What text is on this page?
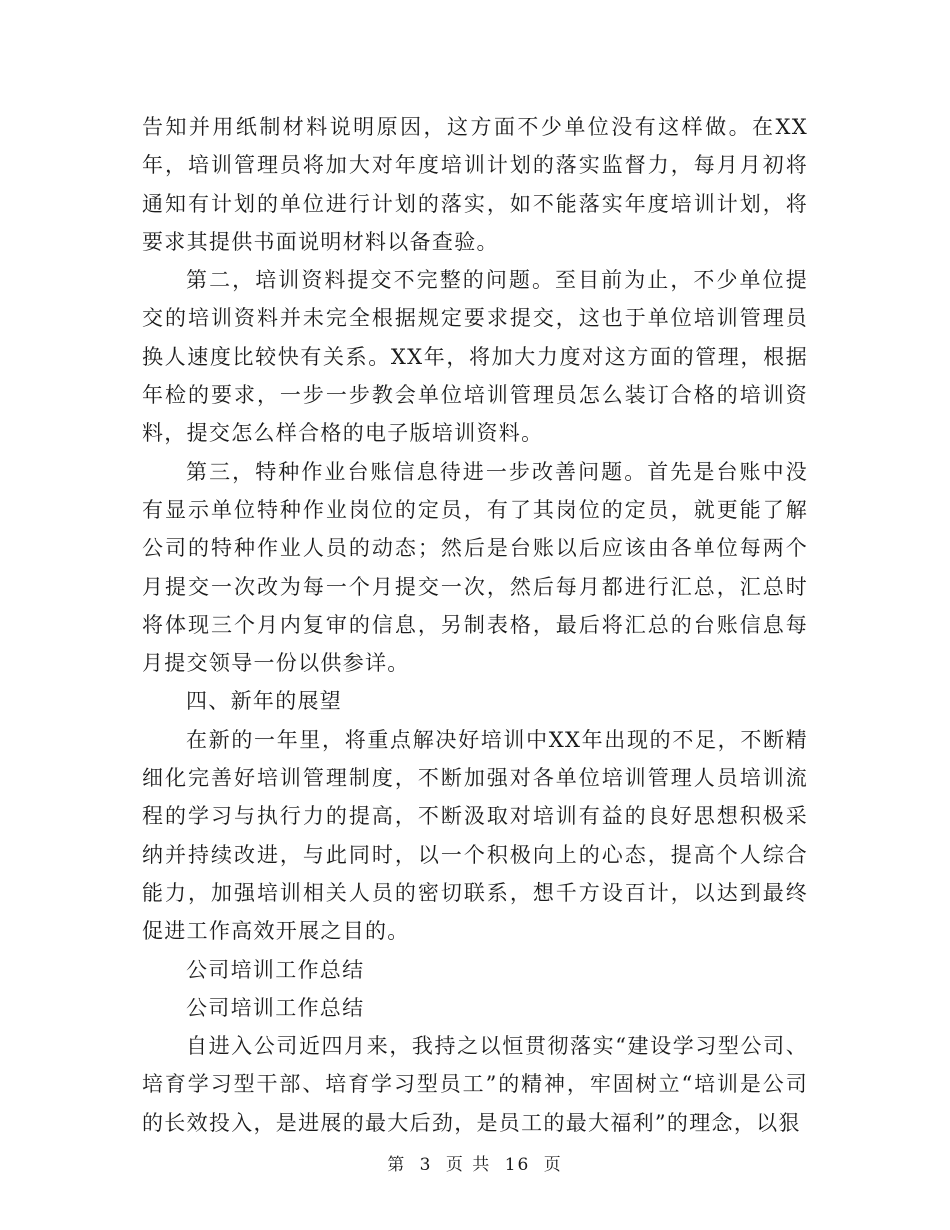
告知并用纸制材料说明原因，这方面不少单位没有这样做。在XX年，培训管理员将加大对年度培训计划的落实监督力，每月月初将通知有计划的单位进行计划的落实，如不能落实年度培训计划，将要求其提供书面说明材料以备查验。

第二，培训资料提交不完整的问题。至目前为止，不少单位提交的培训资料并未完全根据规定要求提交，这也于单位培训管理员换人速度比较快有关系。XX年，将加大力度对这方面的管理，根据年检的要求，一步一步教会单位培训管理员怎么装订合格的培训资料，提交怎么样合格的电子版培训资料。

第三，特种作业台账信息待进一步改善问题。首先是台账中没有显示单位特种作业岗位的定员，有了其岗位的定员，就更能了解公司的特种作业人员的动态；然后是台账以后应该由各单位每两个月提交一次改为每一个月提交一次，然后每月都进行汇总，汇总时将体现三个月内复审的信息，另制表格，最后将汇总的台账信息每月提交领导一份以供参详。

四、新年的展望

在新的一年里，将重点解决好培训中XX年出现的不足，不断精细化完善好培训管理制度，不断加强对各单位培训管理人员培训流程的学习与执行力的提高，不断汲取对培训有益的良好思想积极采纳并持续改进，与此同时，以一个积极向上的心态，提高个人综合能力，加强培训相关人员的密切联系，想千方设百计，以达到最终促进工作高效开展之目的。

公司培训工作总结

公司培训工作总结

自进入公司近四月来，我持之以恒贯彻落实“建设学习型公司、培育学习型干部、培育学习型员工”的精神，牢固树立“培训是公司的长效投入，是进展的最大后劲，是员工的最大福利”的理念，以狠

第 3 页 共 16 页
